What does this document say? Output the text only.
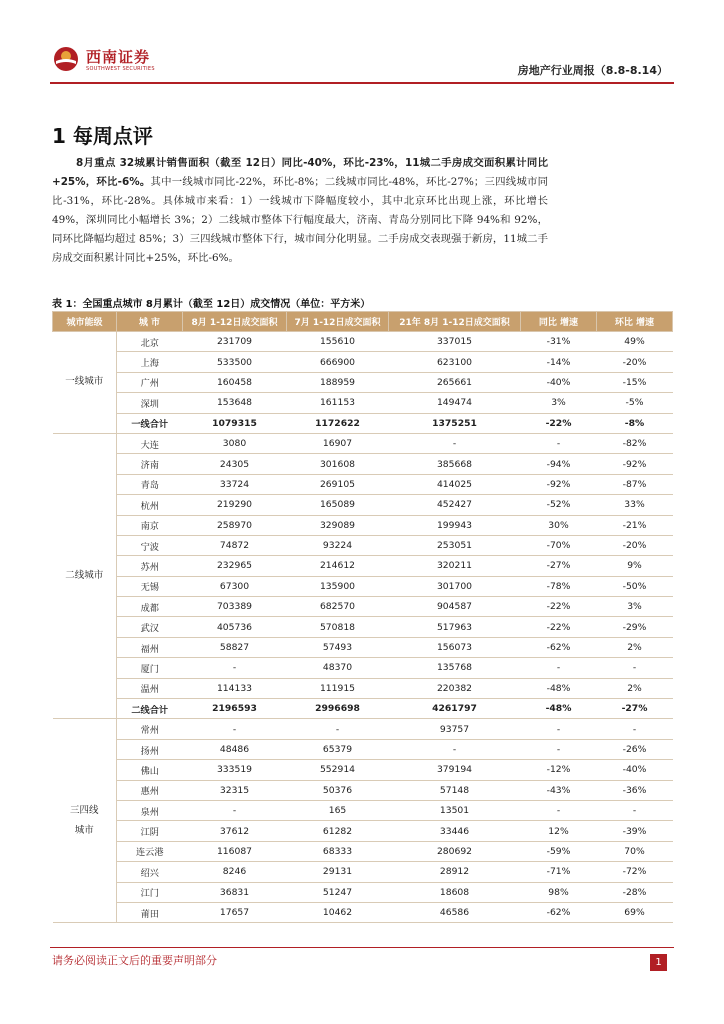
西南证券
SOUTHWEST SECURITIES	房地产行业周报（8.8-8.14）
1 每周点评
8月重点 32城累计销售面积（截至 12日）同比-40%，环比-23%，11城二手房成交面积累计同比+25%，环比-6%。其中一线城市同比-22%，环比-8%；二线城市同比-48%，环比-27%；三四线城市同比-31%，环比-28%。具体城市来看：1）一线城市下降幅度较小，其中北京环比出现上涨，环比增长 49%，深圳同比小幅增长 3%；2）二线城市整体下行幅度最大，济南、青岛分别同比下降 94%和 92%，同环比降幅均超过 85%；3）三四线城市整体下行，城市间分化明显。二手房成交表现强于新房，11城二手房成交面积累计同比+25%，环比-6%。
表 1：全国重点城市 8月累计（截至 12日）成交情况（单位：平方米）
城市能级	城 市	8月 1-12日成交面积	7月 1-12日成交面积	21年 8月 1-12日成交面积	同比 增速	环比 增速
一线城市	北京	231709	155610	337015	-31%	49%
	上海	533500	666900	623100	-14%	-20%
	广州	160458	188959	265661	-40%	-15%
	深圳	153648	161153	149474	3%	-5%
	一线合计	1079315	1172622	1375251	-22%	-8%
二线城市	大连	3080	16907	-	-	-82%
	济南	24305	301608	385668	-94%	-92%
	青岛	33724	269105	414025	-92%	-87%
	杭州	219290	165089	452427	-52%	33%
	南京	258970	329089	199943	30%	-21%
	宁波	74872	93224	253051	-70%	-20%
	苏州	232965	214612	320211	-27%	9%
	无锡	67300	135900	301700	-78%	-50%
	成都	703389	682570	904587	-22%	3%
	武汉	405736	570818	517963	-22%	-29%
	福州	58827	57493	156073	-62%	2%
	厦门	-	48370	135768	-	-
	温州	114133	111915	220382	-48%	2%
	二线合计	2196593	2996698	4261797	-48%	-27%

三四线
城市	常州	-	-	93757	-	-
	扬州	48486	65379	-	-	-26%
	佛山	333519	552914	379194	-12%	-40%
	惠州	32315	50376	57148	-43%	-36%
	泉州	-	165	13501	-	-
	江阴	37612	61282	33446	12%	-39%
	连云港	116087	68333	280692	-59%	70%
	绍兴	8246	29131	28912	-71%	-72%
	江门	36831	51247	18608	98%	-28%
	莆田	17657	10462	46586	-62%	69%
请务必阅读正文后的重要声明部分	1
